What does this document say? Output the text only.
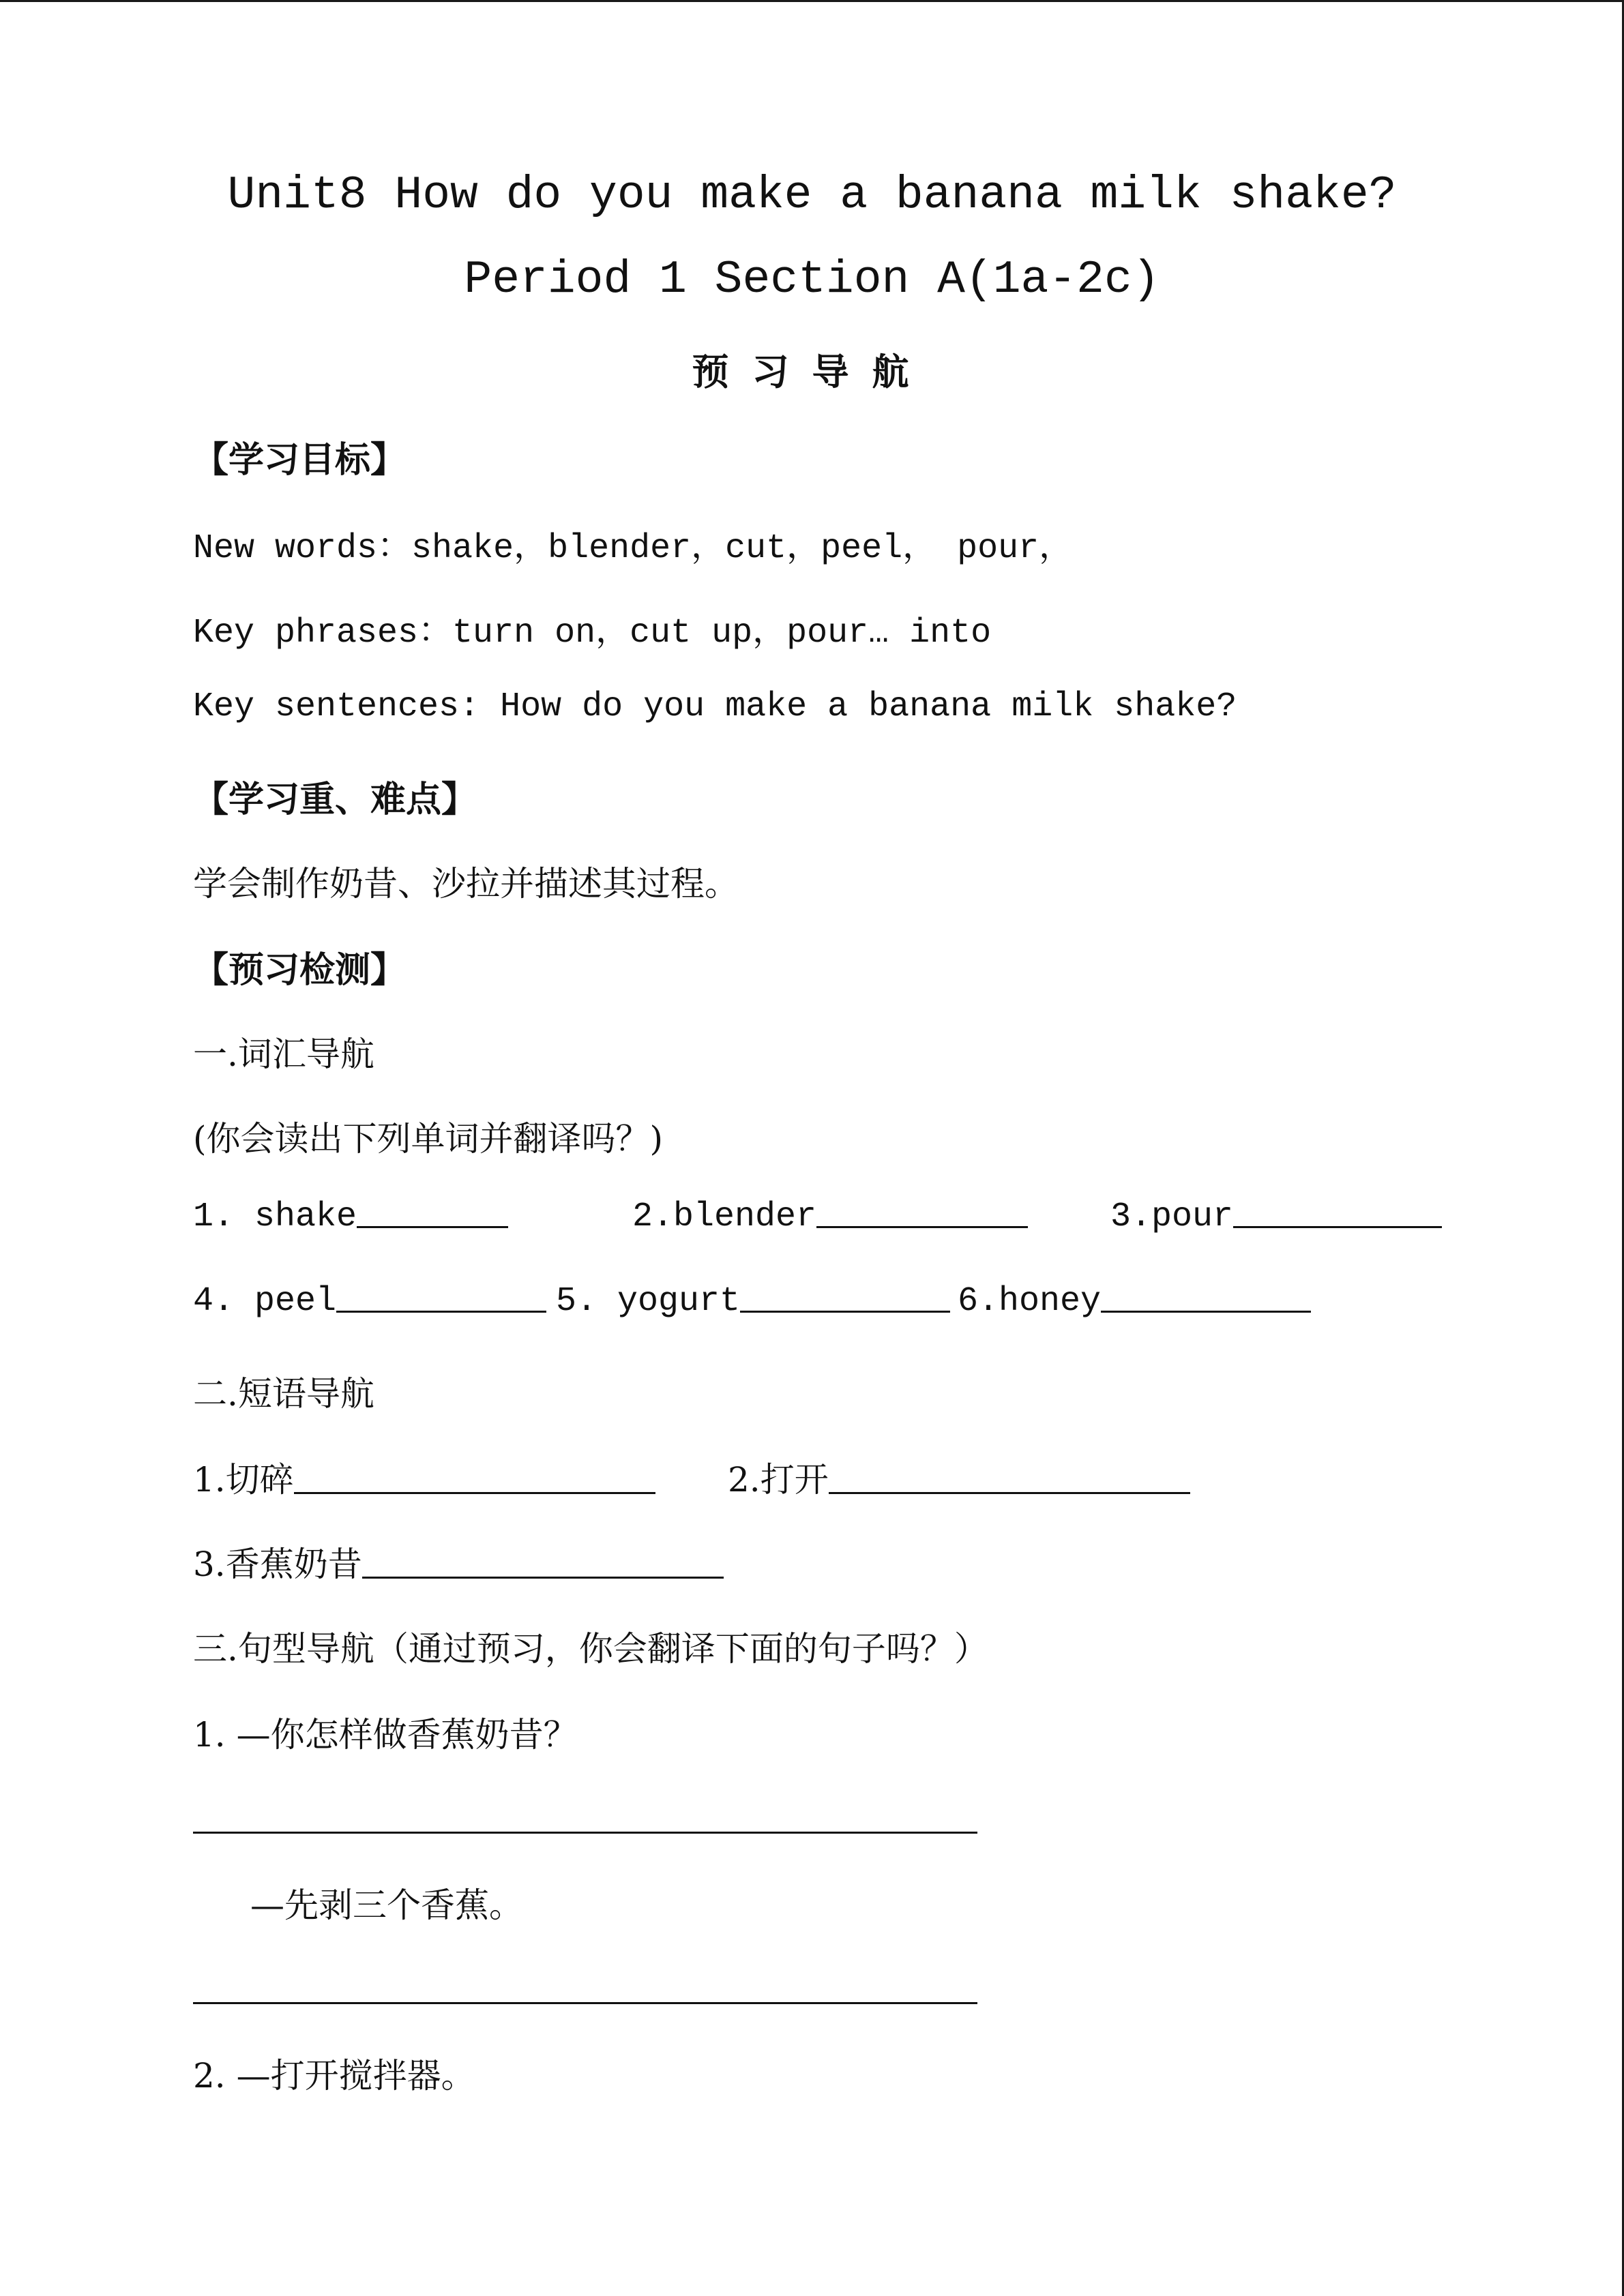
Unit8 How do you make a banana milk shake?
Period 1 Section A(1a-2c)
预习导航
【学习目标】
New words：shake，blender，cut，peel， pour，
Key phrases：turn on，cut up，pour… into
Key sentences: How do you make a banana milk shake?
【学习重、难点】
学会制作奶昔、沙拉并描述其过程。
【预习检测】
一.词汇导航
(你会读出下列单词并翻译吗？)
1. shake	2.blender	3.pour
4. peel	5. yogurt	6.honey
二.短语导航
1.切碎	2.打开
3.香蕉奶昔
三.句型导航（通过预习，你会翻译下面的句子吗？）
1. —你怎样做香蕉奶昔？
—先剥三个香蕉。
2. —打开搅拌器。
